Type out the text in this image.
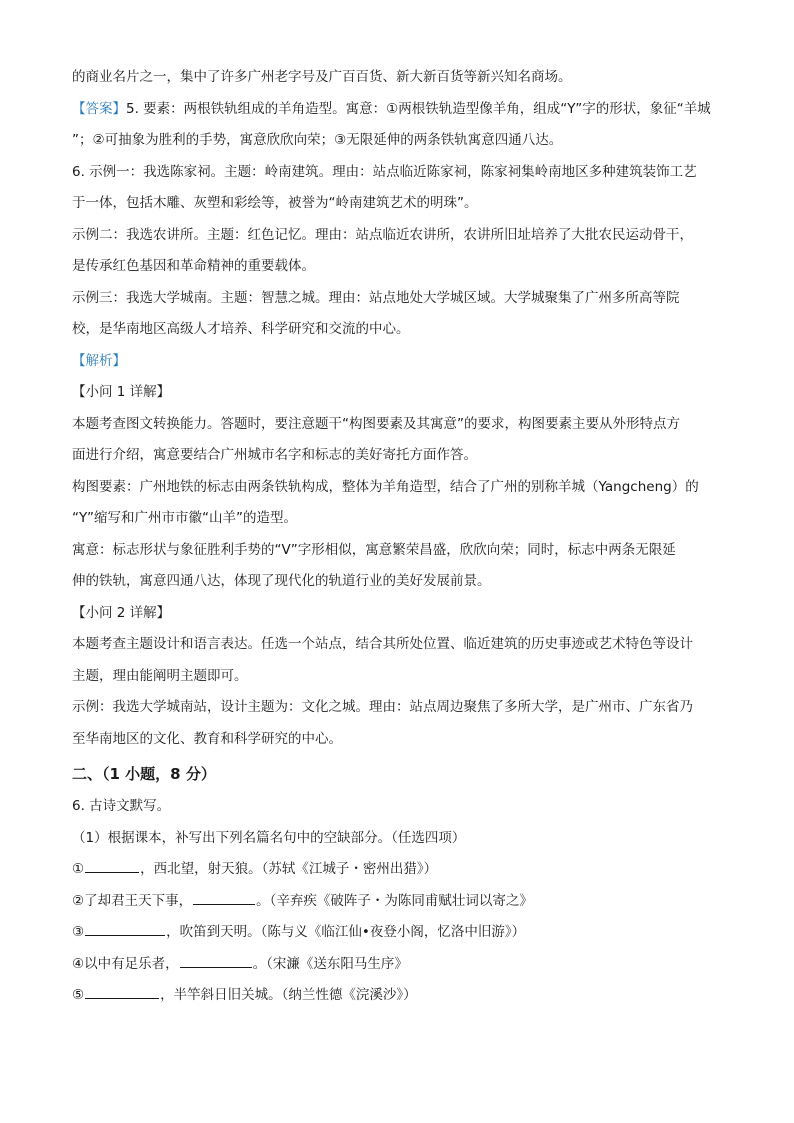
的商业名片之一，集中了许多广州老字号及广百百货、新大新百货等新兴知名商场。

【答案】5. 要素：两根铁轨组成的羊角造型。寓意：①两根铁轨造型像羊角，组成“Y”字的形状，象征“羊城

”；②可抽象为胜利的手势，寓意欣欣向荣；③无限延伸的两条铁轨寓意四通八达。

6. 示例一：我选陈家祠。主题：岭南建筑。理由：站点临近陈家祠，陈家祠集岭南地区多种建筑装饰工艺

于一体，包括木雕、灰塑和彩绘等，被誉为“岭南建筑艺术的明珠”。

示例二：我选农讲所。主题：红色记忆。理由：站点临近农讲所，农讲所旧址培养了大批农民运动骨干，

是传承红色基因和革命精神的重要载体。

示例三：我选大学城南。主题：智慧之城。理由：站点地处大学城区域。大学城聚集了广州多所高等院

校，是华南地区高级人才培养、科学研究和交流的中心。

【解析】

【小问 1 详解】

本题考查图文转换能力。答题时，要注意题干“构图要素及其寓意”的要求，构图要素主要从外形特点方

面进行介绍，寓意要结合广州城市名字和标志的美好寄托方面作答。

构图要素：广州地铁的标志由两条铁轨构成，整体为羊角造型，结合了广州的别称羊城（Yangcheng）的

“Y”缩写和广州市市徽“山羊”的造型。

寓意：标志形状与象征胜利手势的“V”字形相似，寓意繁荣昌盛，欣欣向荣；同时，标志中两条无限延

伸的铁轨，寓意四通八达，体现了现代化的轨道行业的美好发展前景。

【小问 2 详解】

本题考查主题设计和语言表达。任选一个站点，结合其所处位置、临近建筑的历史事迹或艺术特色等设计

主题，理由能阐明主题即可。

示例：我选大学城南站，设计主题为：文化之城。理由：站点周边聚焦了多所大学，是广州市、广东省乃

至华南地区的文化、教育和科学研究的中心。

二、（1 小题，8 分）

6. 古诗文默写。

（1）根据课本，补写出下列名篇名句中的空缺部分。（任选四项）

①	，西北望，射天狼。（苏轼《江城子・密州出猎》）

②了却君王天下事，	。（辛弃疾《破阵子・为陈同甫赋壮词以寄之》

③	，吹笛到天明。（陈与义《临江仙•夜登小阁，忆洛中旧游》）

④以中有足乐者，	。（宋濂《送东阳马生序》

⑤	，半竿斜日旧关城。（纳兰性德《浣溪沙》）
